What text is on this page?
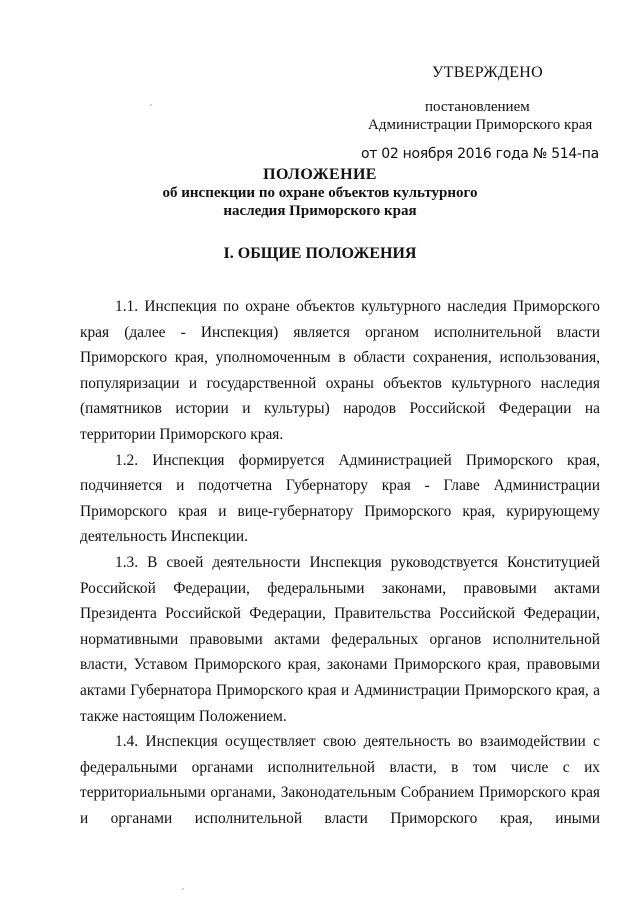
УТВЕРЖДЕНО
постановлением
Администрации Приморского края
от 02 ноября 2016 года № 514-па
ПОЛОЖЕНИЕ
об инспекции по охране объектов культурного
наследия Приморского края
I. ОБЩИЕ ПОЛОЖЕНИЯ
1.1. Инспекция по охране объектов культурного наследия Приморского
края (далее - Инспекция) является органом исполнительной власти
Приморского края, уполномоченным в области сохранения, использования,
популяризации и государственной охраны объектов культурного наследия
(памятников истории и культуры) народов Российской Федерации на
территории Приморского края.
1.2. Инспекция формируется Администрацией Приморского края,
подчиняется и подотчетна Губернатору края - Главе Администрации
Приморского края и вице-губернатору Приморского края, курирующему
деятельность Инспекции.
1.3. В своей деятельности Инспекция руководствуется Конституцией
Российской Федерации, федеральными законами, правовыми актами
Президента Российской Федерации, Правительства Российской Федерации,
нормативными правовыми актами федеральных органов исполнительной
власти, Уставом Приморского края, законами Приморского края, правовыми
актами Губернатора Приморского края и Администрации Приморского края, а
также настоящим Положением.
1.4. Инспекция осуществляет свою деятельность во взаимодействии с
федеральными органами исполнительной власти, в том числе с их
территориальными органами, Законодательным Собранием Приморского края
и органами исполнительной власти Приморского края, иными
